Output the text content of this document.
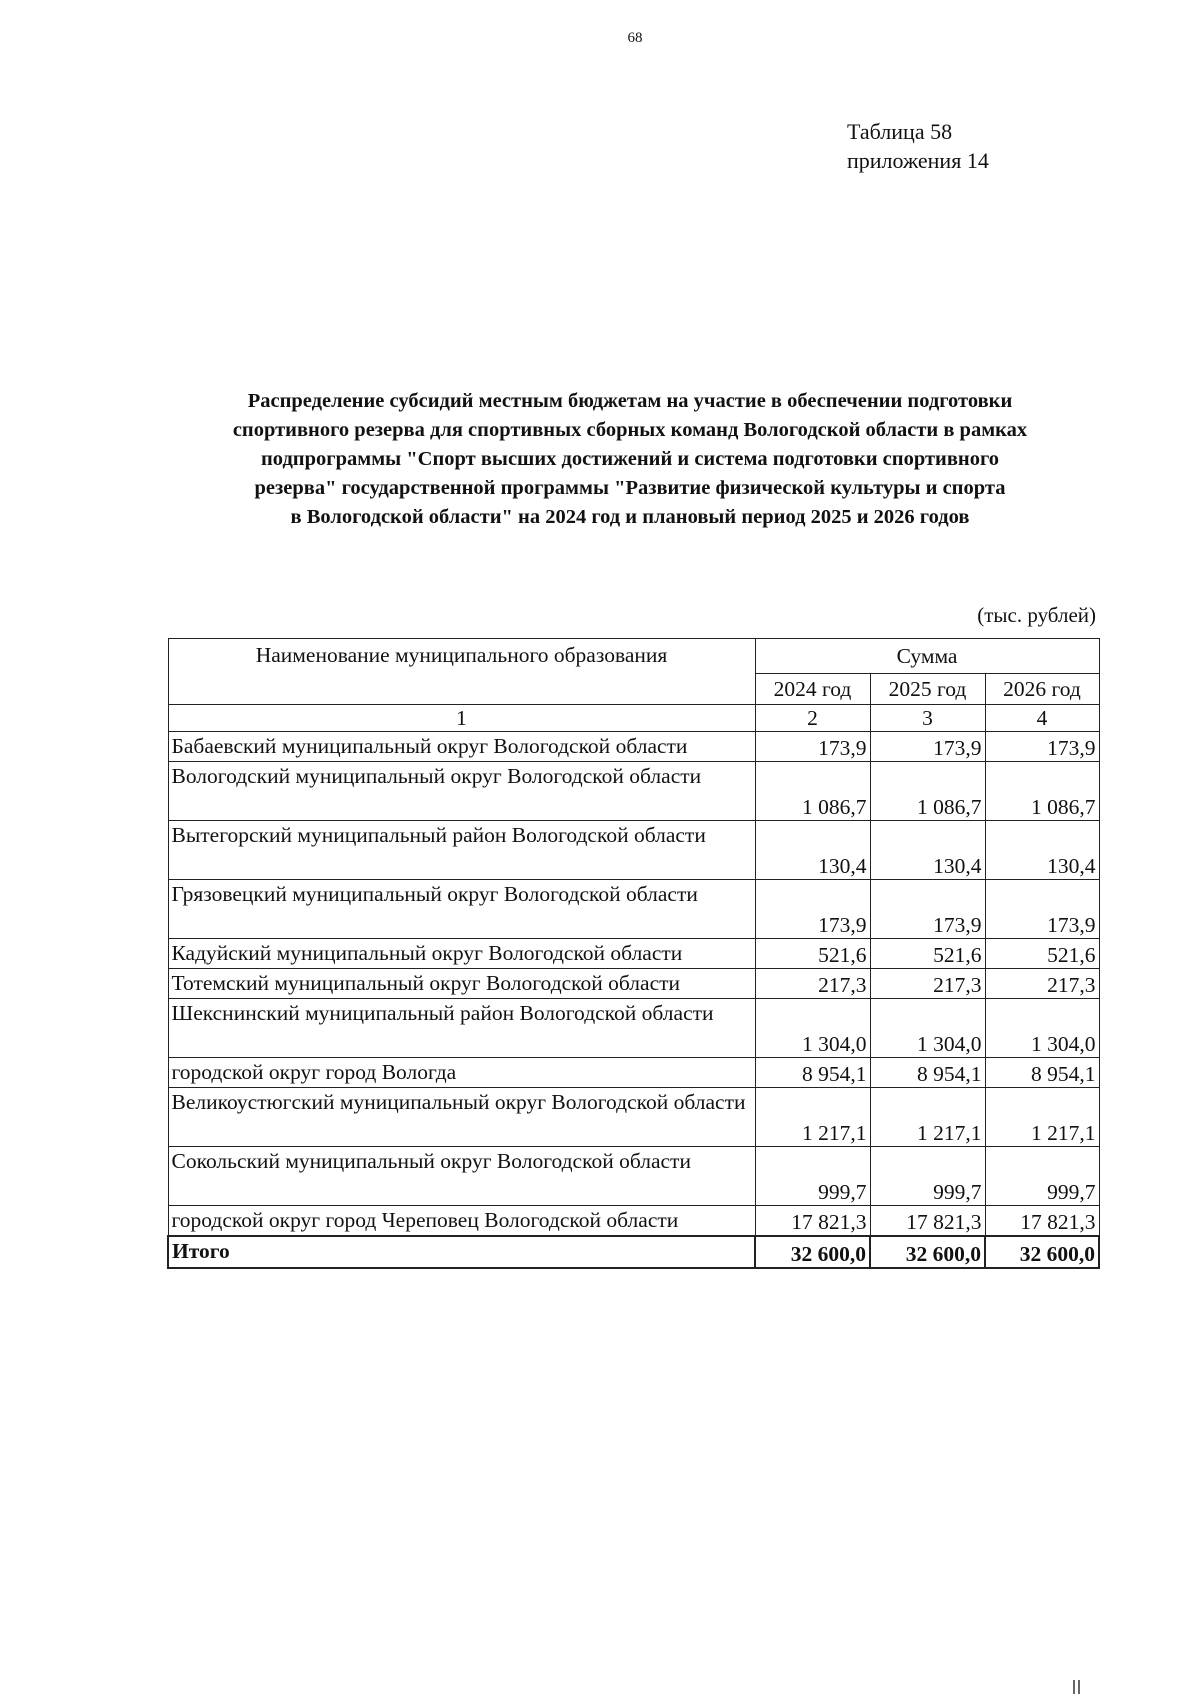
68
Таблица 58
приложения 14
Распределение субсидий местным бюджетам на участие в обеспечении подготовки
спортивного резерва для спортивных сборных команд Вологодской области в рамках
подпрограммы "Спорт высших достижений и система подготовки спортивного
резерва" государственной программы "Развитие физической культуры и спорта
в Вологодской области" на 2024 год и плановый период 2025 и 2026 годов
(тыс. рублей)
Наименование муниципального образования	Сумма		
	2024 год	2025 год	2026 год
1	2	3	4
Бабаевский муниципальный округ Вологодской области	173,9	173,9	173,9
Вологодский муниципальный округ Вологодской области	1 086,7	1 086,7	1 086,7
Вытегорский муниципальный район Вологодской области	130,4	130,4	130,4
Грязовецкий муниципальный округ Вологодской области	173,9	173,9	173,9
Кадуйский муниципальный округ Вологодской области	521,6	521,6	521,6
Тотемский муниципальный округ Вологодской области	217,3	217,3	217,3
Шекснинский муниципальный район Вологодской области	1 304,0	1 304,0	1 304,0
городской округ город Вологда	8 954,1	8 954,1	8 954,1
Великоустюгский муниципальный округ Вологодской области	1 217,1	1 217,1	1 217,1
Сокольский муниципальный округ Вологодской области	999,7	999,7	999,7
городской округ город Череповец Вологодской области	17 821,3	17 821,3	17 821,3
Итого	32 600,0	32 600,0	32 600,0
